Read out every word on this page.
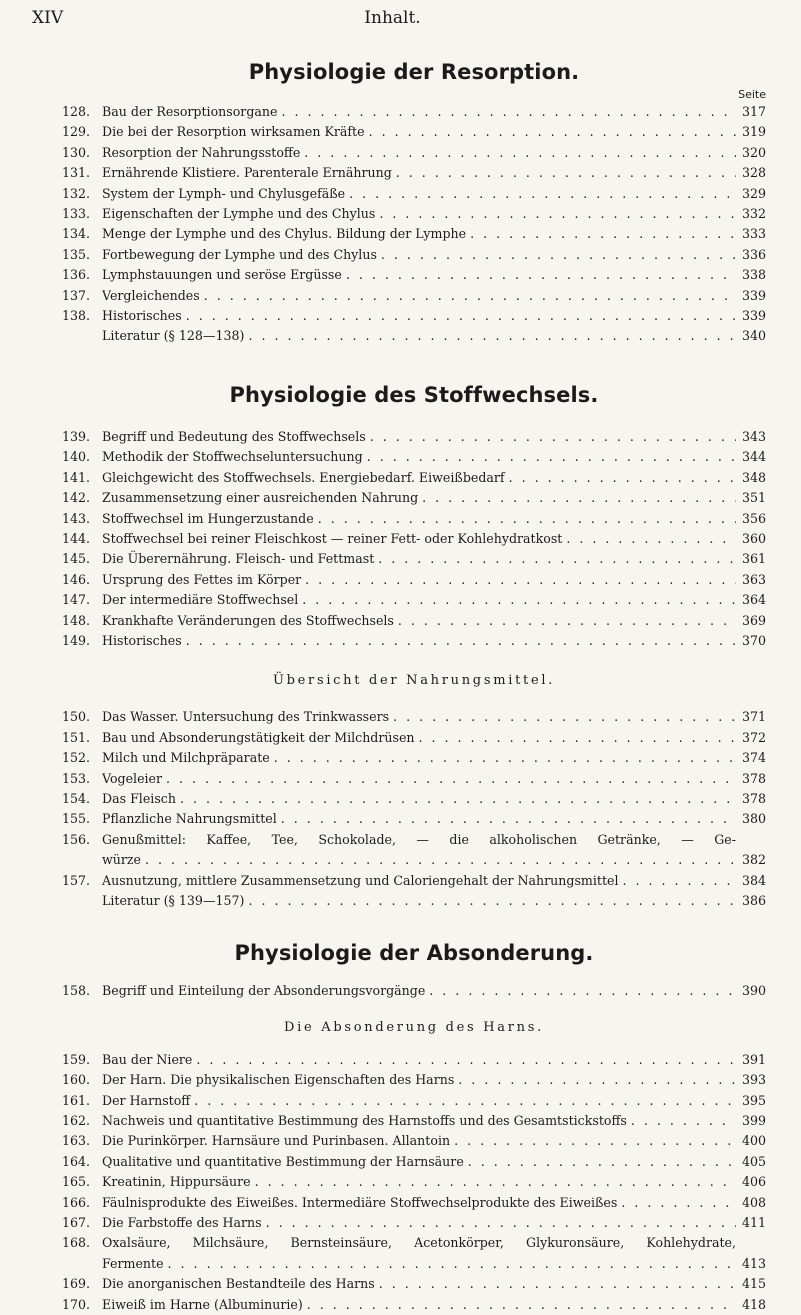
XIV	Inhalt.
Physiologie der Resorption.
Seite
128. Bau der Resorptionsorgane . . .	317
129. Die bei der Resorption wirksamen Kräfte . . .	319
130. Resorption der Nahrungsstoffe . . .	320
131. Ernährende Klistiere. Parenterale Ernährung . . .	328
132. System der Lymph- und Chylusgefäße . . .	329
133. Eigenschaften der Lymphe und des Chylus . . .	332
134. Menge der Lymphe und des Chylus. Bildung der Lymphe . . .	333
135. Fortbewegung der Lymphe und des Chylus . . .	336
136. Lymphstauungen und seröse Ergüsse . . .	338
137. Vergleichendes . . .	339
138. Historisches . . .	339
Literatur (§ 128—138) . . .	340
Physiologie des Stoffwechsels.
139. Begriff und Bedeutung des Stoffwechsels . . .	343
140. Methodik der Stoffwechseluntersuchung . . .	344
141. Gleichgewicht des Stoffwechsels. Energiebedarf. Eiweißbedarf . . .	348
142. Zusammensetzung einer ausreichenden Nahrung . . .	351
143. Stoffwechsel im Hungerzustande . . .	356
144. Stoffwechsel bei reiner Fleischkost — reiner Fett- oder Kohlehydratkost . . .	360
145. Die Überernährung. Fleisch- und Fettmast . . .	361
146. Ursprung des Fettes im Körper . . .	363
147. Der intermediäre Stoffwechsel . . .	364
148. Krankhafte Veränderungen des Stoffwechsels . . .	369
149. Historisches . . .	370
Übersicht der Nahrungsmittel.
150. Das Wasser. Untersuchung des Trinkwassers . . .	371
151. Bau und Absonderungstätigkeit der Milchdrüsen . . .	372
152. Milch und Milchpräparate . . .	374
153. Vogeleier . . .	378
154. Das Fleisch . . .	378
155. Pflanzliche Nahrungsmittel . . .	380
156. Genußmittel: Kaffee, Tee, Schokolade, — die alkoholischen Getränke, — Ge-
würze . . .	382
157. Ausnutzung, mittlere Zusammensetzung und Caloriengehalt der Nahrungsmittel . . .	384
Literatur (§ 139—157) . . .	386
Physiologie der Absonderung.
158. Begriff und Einteilung der Absonderungsvorgänge . . .	390
Die Absonderung des Harns.
159. Bau der Niere . . .	391
160. Der Harn. Die physikalischen Eigenschaften des Harns . . .	393
161. Der Harnstoff . . .	395
162. Nachweis und quantitative Bestimmung des Harnstoffs und des Gesamtstickstoffs . . .	399
163. Die Purinkörper. Harnsäure und Purinbasen. Allantoin . . .	400
164. Qualitative und quantitative Bestimmung der Harnsäure . . .	405
165. Kreatinin, Hippursäure . . .	406
166. Fäulnisprodukte des Eiweißes. Intermediäre Stoffwechselprodukte des Eiweißes . . .	408
167. Die Farbstoffe des Harns . . .	411
168. Oxalsäure, Milchsäure, Bernsteinsäure, Acetonkörper, Glykuronsäure, Kohlehydrate,
Fermente . . .	413
169. Die anorganischen Bestandteile des Harns . . .	415
170. Eiweiß im Harne (Albuminurie) . . .	418
